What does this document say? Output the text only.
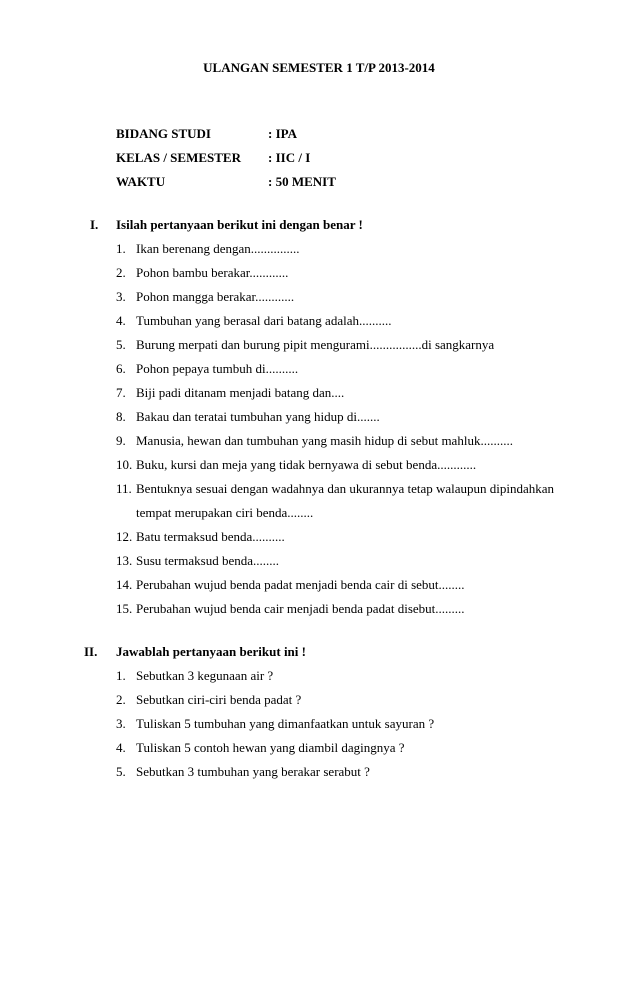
ULANGAN SEMESTER 1 T/P 2013-2014
BIDANG STUDI	: IPA
KELAS / SEMESTER : IIC / I
WAKTU	: 50 MENIT
I. Isilah pertanyaan berikut ini dengan benar !
1. Ikan berenang dengan...............
2. Pohon bambu berakar............
3. Pohon mangga berakar............
4. Tumbuhan yang berasal dari batang adalah..........
5. Burung merpati dan burung pipit mengurami................di sangkarnya
6. Pohon pepaya tumbuh di..........
7. Biji padi ditanam menjadi batang dan....
8. Bakau dan teratai tumbuhan yang hidup di.......
9. Manusia, hewan dan tumbuhan yang masih hidup di sebut mahluk..........
10. Buku, kursi dan meja yang tidak bernyawa di sebut benda............
11. Bentuknya sesuai dengan wadahnya dan ukurannya tetap walaupun dipindahkan
tempat merupakan ciri benda........
12. Batu termaksud benda..........
13. Susu termaksud benda........
14. Perubahan wujud benda padat menjadi benda cair di sebut........
15. Perubahan wujud benda cair menjadi benda padat disebut.........
II. Jawablah pertanyaan berikut ini !
1. Sebutkan 3 kegunaan air ?
2. Sebutkan ciri-ciri benda padat ?
3. Tuliskan 5 tumbuhan yang dimanfaatkan untuk sayuran ?
4. Tuliskan 5 contoh hewan yang diambil dagingnya ?
5. Sebutkan 3 tumbuhan yang berakar serabut ?
